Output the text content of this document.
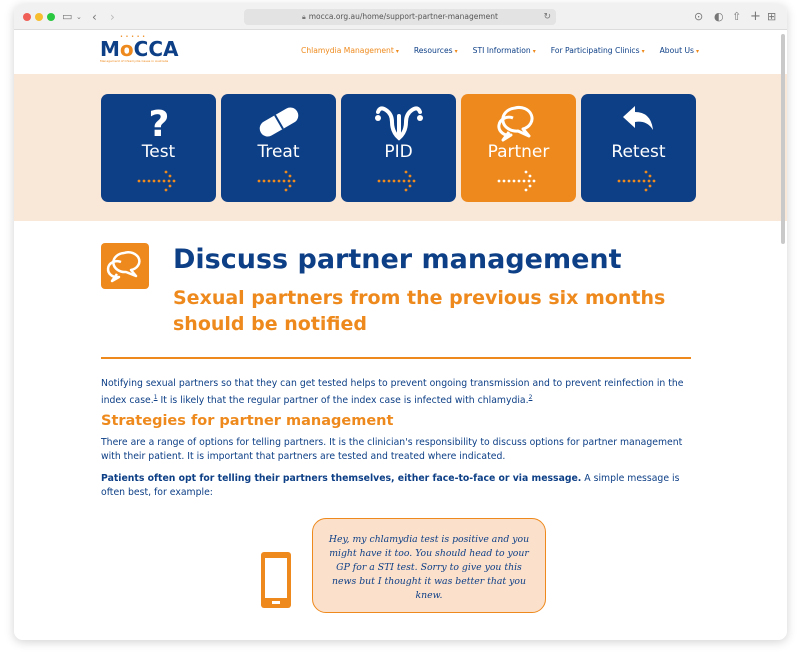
▭ ⌄ ‹ ›	🔒︎ mocca.org.au/home/support-partner-management	↻	⊙ ◐ ⇧ + ⊞
• • • • •
MoCCA
Management of Chlamydia Cases in Australia
Chlamydia Management ▾ Resources ▾ STI Information ▾ For Participating Clinics ▾ About Us ▾
?
Test	Treat	PID	Partner	Retest
Discuss partner management
Sexual partners from the previous six months should be notified

Notifying sexual partners so that they can get tested helps to prevent ongoing transmission and to prevent reinfection in the index case.$^1$ It is likely that the regular partner of the index case is infected with chlamydia.$^2$

Strategies for partner management

There are a range of options for telling partners. It is the clinician's responsibility to discuss options for partner management with their patient. It is important that partners are tested and treated where indicated.

Patients often opt for telling their partners themselves, either face-to-face or via message. A simple message is often best, for example:

Hey, my chlamydia test is positive and you might have it too. You should head to your GP for a STI test. Sorry to give you this news but I thought it was better that you knew.
